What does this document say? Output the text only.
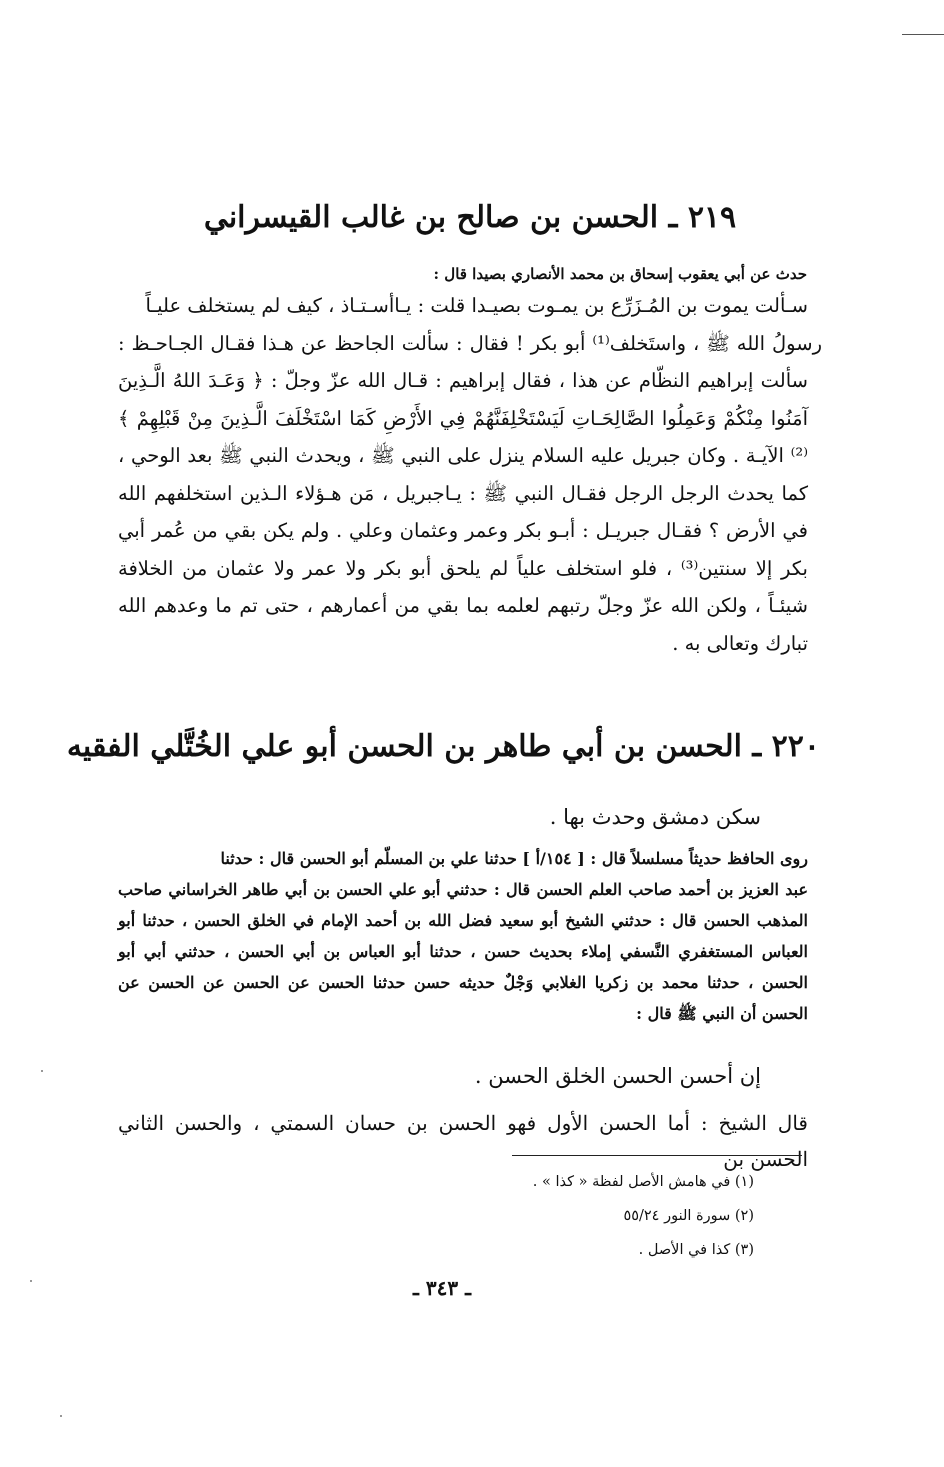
٢١٩ ـ الحسن بن صالح بن غالب القيسراني
حدث عن أبي يعقوب إسحاق بن محمد الأنصاري بصيدا قال :

سـألت يموت بن المُـزَرِّع بن يمـوت بصيـدا قلت : يـاأسـتـاذ ، كيف لم يستخلف عليـاً

رسولُ الله ﷺ ، واستَخلف⁽¹⁾ أبو بكر ! فقال : سألت الجاحظ عن هـذا فقـال الجـاحـظ : سألت إبراهيم النظّام عن هذا ، فقال إبراهيم : قـال الله عزّ وجلّ : ﴿ وَعَـدَ اللهُ الَّـذِينَ آمَنُوا مِنْكُمْ وَعَمِلُوا الصَّالِحَـاتِ لَيَسْتَخْلِفَنَّهُمْ فِي الأَرْضِ كَمَا اسْتَخْلَفَ الَّـذِينَ مِنْ قَبْلِهِمْ ﴾⁽²⁾ الآيـة . وكان جبريل عليه السلام ينزل على النبي ﷺ ، ويحدث النبي ﷺ بعد الوحي ، كما يحدث الرجل الرجل فقـال النبي ﷺ : يـاجبريل ، مَن هـؤلاء الـذين استخلفهم الله في الأرض ؟ فقـال جبريـل : أبـو بكر وعمر وعثمان وعلي . ولم يكن بقي من عُمر أبي بكر إلا سنتين⁽³⁾ ، فلو استخلف علياً لم يلحق أبو بكر ولا عمر ولا عثمان من الخلافة شيئـاً ، ولكن الله عزّ وجلّ رتبهم لعلمه بما بقي من أعمارهم ، حتى تم ما وعدهم الله تبارك وتعالى به .

٢٢٠ ـ الحسن بن أبي طاهر بن الحسن أبو علي الخُتَّلي الفقيه
سكن دمشق وحدث بها .

روى الحافظ حديثاً مسلسلاً قال : [ ١٥٤/أ ] حدثنا علي بن المسلّم أبو الحسن قال : حدثنا

عبد العزيز بن أحمد صاحب العلم الحسن قال : حدثني أبو علي الحسن بن أبي طاهر الخراساني صاحب المذهب الحسن قال : حدثني الشيخ أبو سعيد فضل الله بن أحمد الإمام في الخلق الحسن ، حدثنا أبو العباس المستغفري النَّسفي إملاء بحديث حسن ، حدثنا أبو العباس بن أبي الحسن ، حدثني أبي أبو الحسن ، حدثنا محمد بن زكريا الغلابي وَجْلٌ حديثه حسن حدثنا الحسن عن الحسن عن الحسن عن الحسن أن النبي ﷺ قال :

إن أحسن الحسن الخلق الحسن .
قال الشيخ : أما الحسن الأول فهو الحسن بن حسان السمتي ، والحسن الثاني الحسن بن
(١) في هامش الأصل لفظة « كذا » .
(٢) سورة النور ٥٥/٢٤
(٣) كذا في الأصل .
ـ ٣٤٣ ـ
